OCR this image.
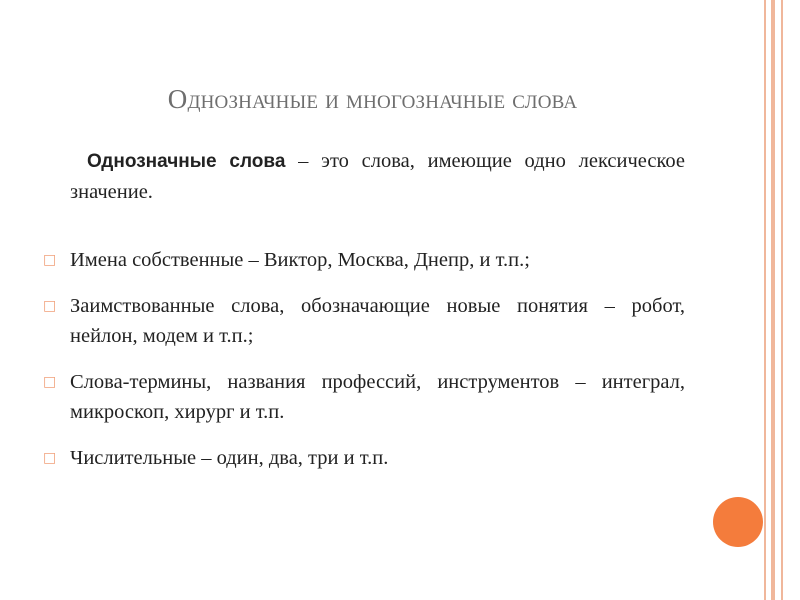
Однозначные и многозначные слова

Однозначные слова – это слова, имеющие одно лексическое значение.

□ Имена собственные – Виктор, Москва, Днепр, и т.п.;
□ Заимствованные слова, обозначающие новые понятия – робот, нейлон, модем и т.п.;
□ Слова-термины, названия профессий, инструментов – интеграл, микроскоп, хирург и т.п.
□ Числительные – один, два, три и т.п.
